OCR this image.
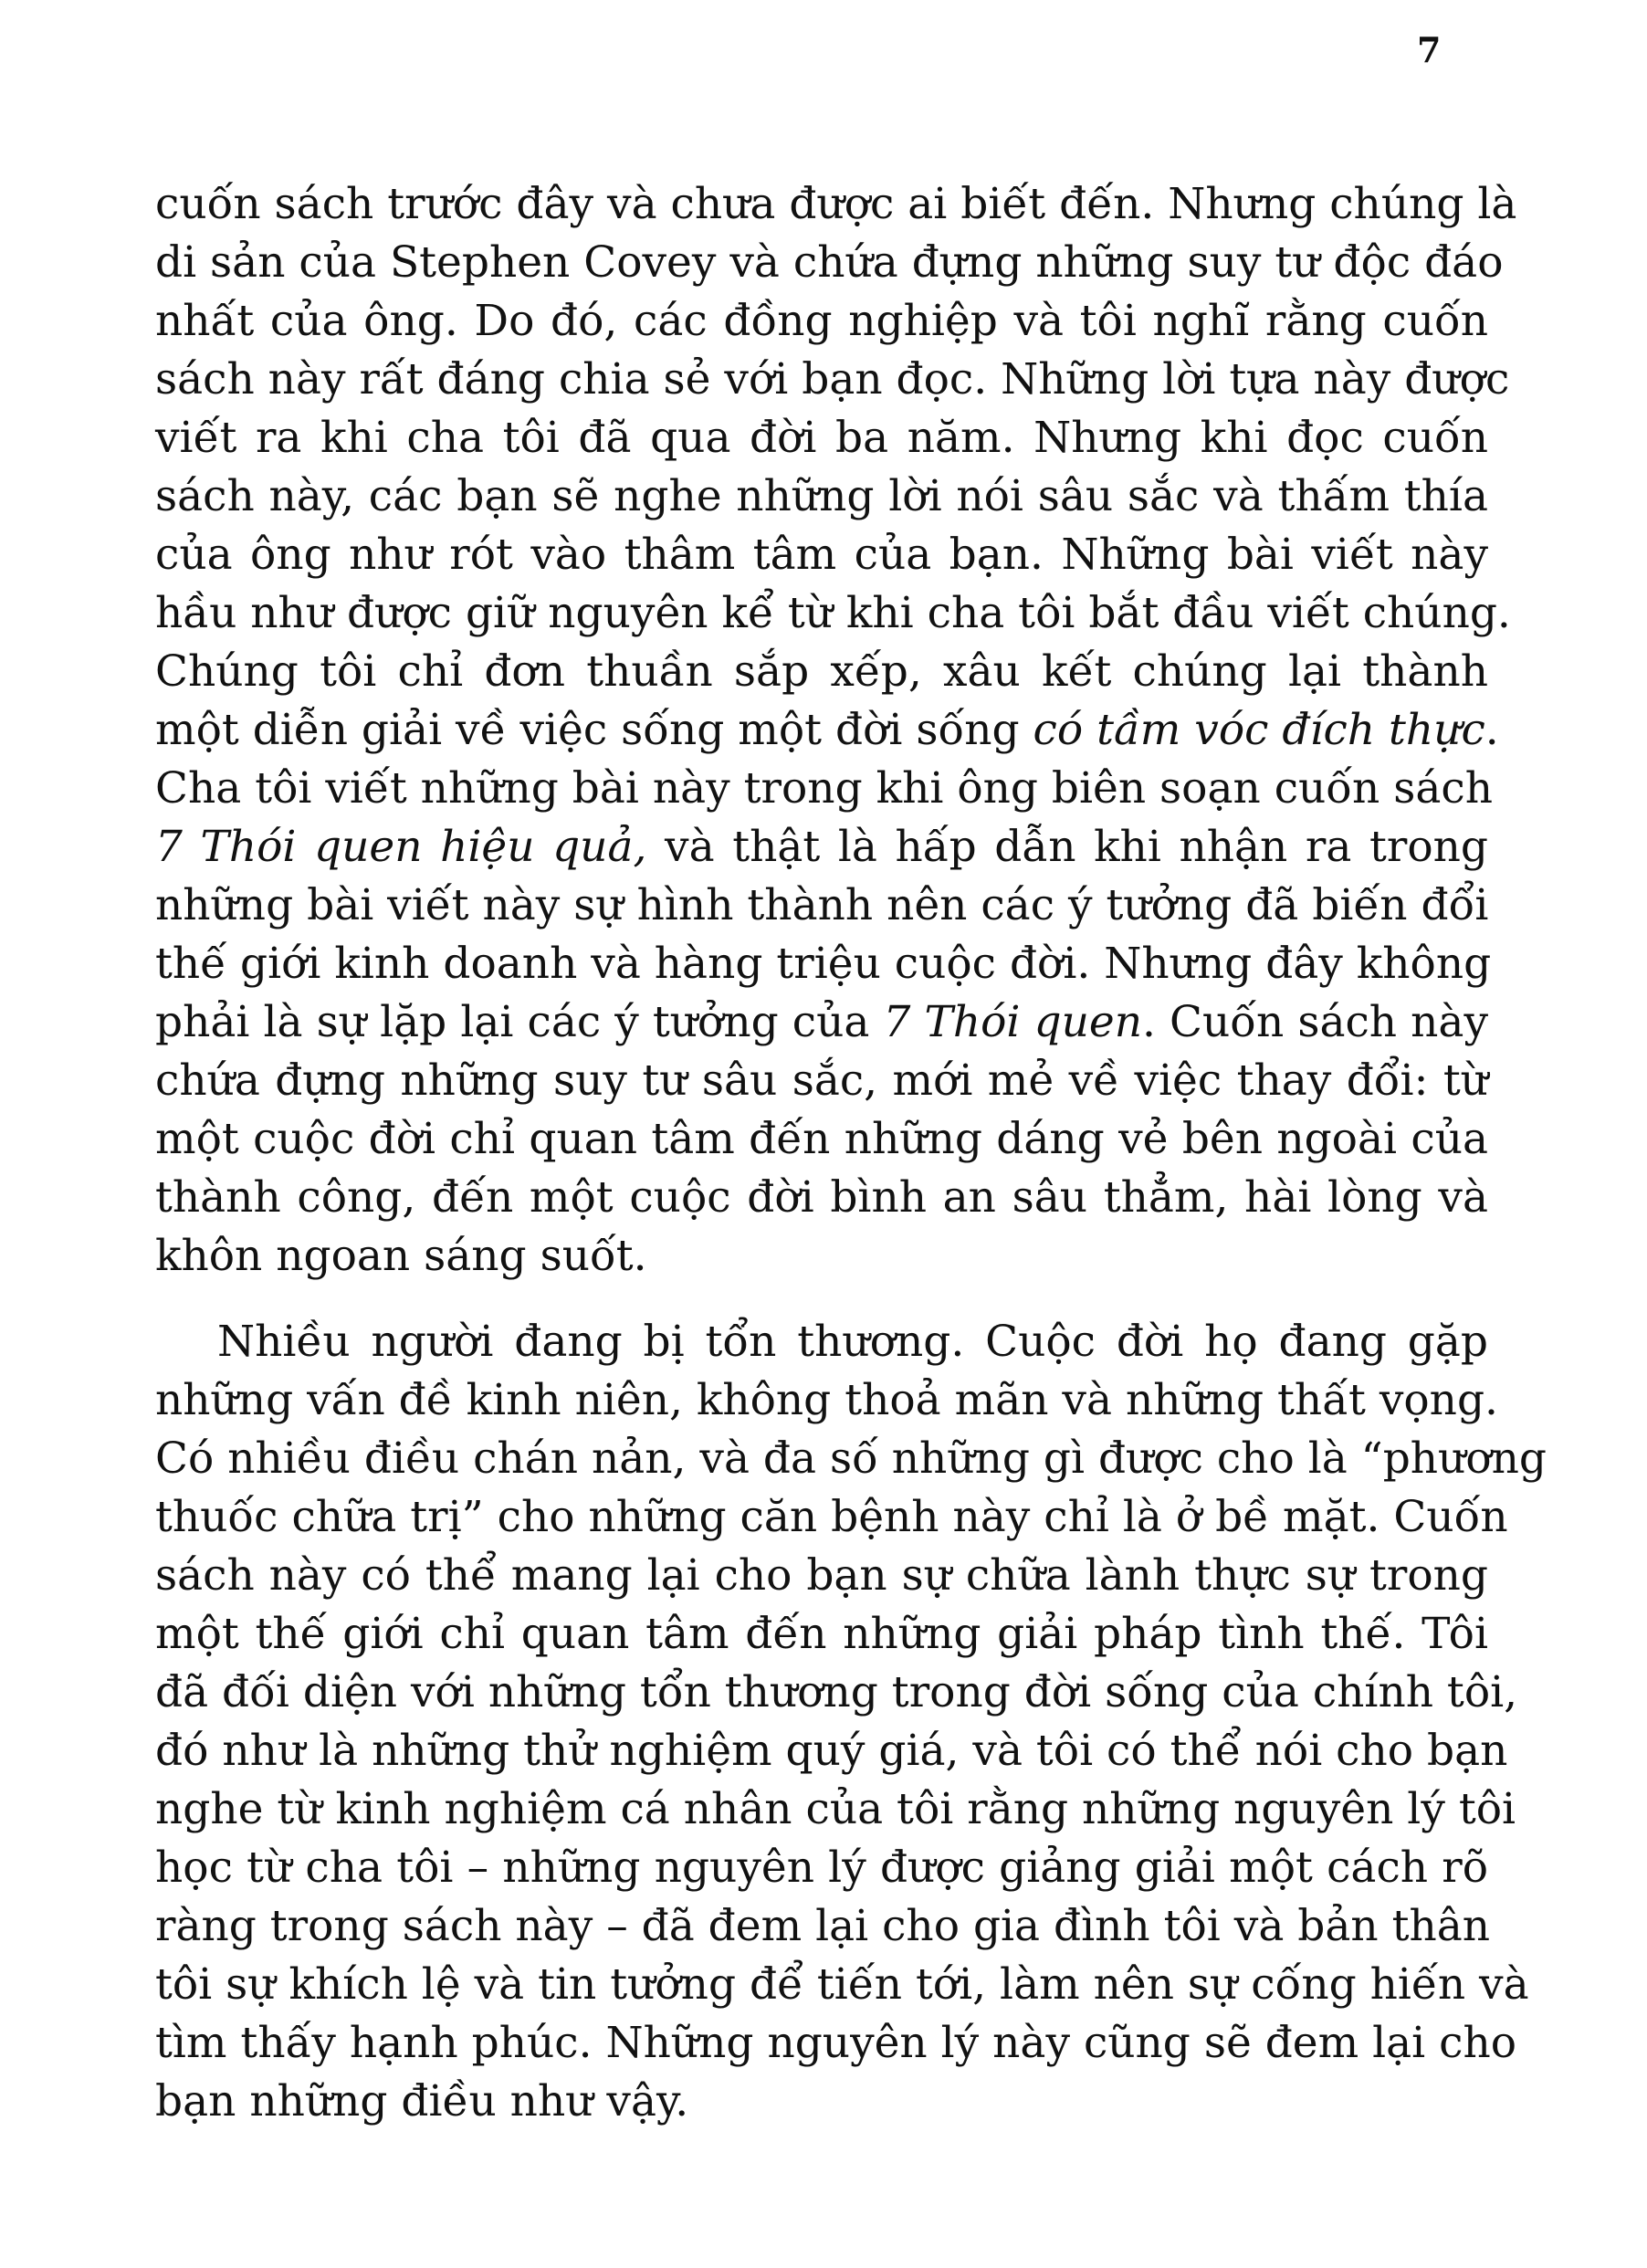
7
cuốn sách trước đây và chưa được ai biết đến. Nhưng chúng là
di sản của Stephen Covey và chứa đựng những suy tư độc đáo
nhất của ông. Do đó, các đồng nghiệp và tôi nghĩ rằng cuốn
sách này rất đáng chia sẻ với bạn đọc. Những lời tựa này được
viết ra khi cha tôi đã qua đời ba năm. Nhưng khi đọc cuốn
sách này, các bạn sẽ nghe những lời nói sâu sắc và thấm thía
của ông như rót vào thâm tâm của bạn. Những bài viết này
hầu như được giữ nguyên kể từ khi cha tôi bắt đầu viết chúng.
Chúng tôi chỉ đơn thuần sắp xếp, xâu kết chúng lại thành
một diễn giải về việc sống một đời sống có tầm vóc đích thực.
Cha tôi viết những bài này trong khi ông biên soạn cuốn sách
7 Thói quen hiệu quả, và thật là hấp dẫn khi nhận ra trong
những bài viết này sự hình thành nên các ý tưởng đã biến đổi
thế giới kinh doanh và hàng triệu cuộc đời. Nhưng đây không
phải là sự lặp lại các ý tưởng của 7 Thói quen. Cuốn sách này
chứa đựng những suy tư sâu sắc, mới mẻ về việc thay đổi: từ
một cuộc đời chỉ quan tâm đến những dáng vẻ bên ngoài của
thành công, đến một cuộc đời bình an sâu thẳm, hài lòng và
khôn ngoan sáng suốt.
Nhiều người đang bị tổn thương. Cuộc đời họ đang gặp
những vấn đề kinh niên, không thoả mãn và những thất vọng.
Có nhiều điều chán nản, và đa số những gì được cho là “phương
thuốc chữa trị” cho những căn bệnh này chỉ là ở bề mặt. Cuốn
sách này có thể mang lại cho bạn sự chữa lành thực sự trong
một thế giới chỉ quan tâm đến những giải pháp tình thế. Tôi
đã đối diện với những tổn thương trong đời sống của chính tôi,
đó như là những thử nghiệm quý giá, và tôi có thể nói cho bạn
nghe từ kinh nghiệm cá nhân của tôi rằng những nguyên lý tôi
học từ cha tôi – những nguyên lý được giảng giải một cách rõ
ràng trong sách này – đã đem lại cho gia đình tôi và bản thân
tôi sự khích lệ và tin tưởng để tiến tới, làm nên sự cống hiến và
tìm thấy hạnh phúc. Những nguyên lý này cũng sẽ đem lại cho
bạn những điều như vậy.
